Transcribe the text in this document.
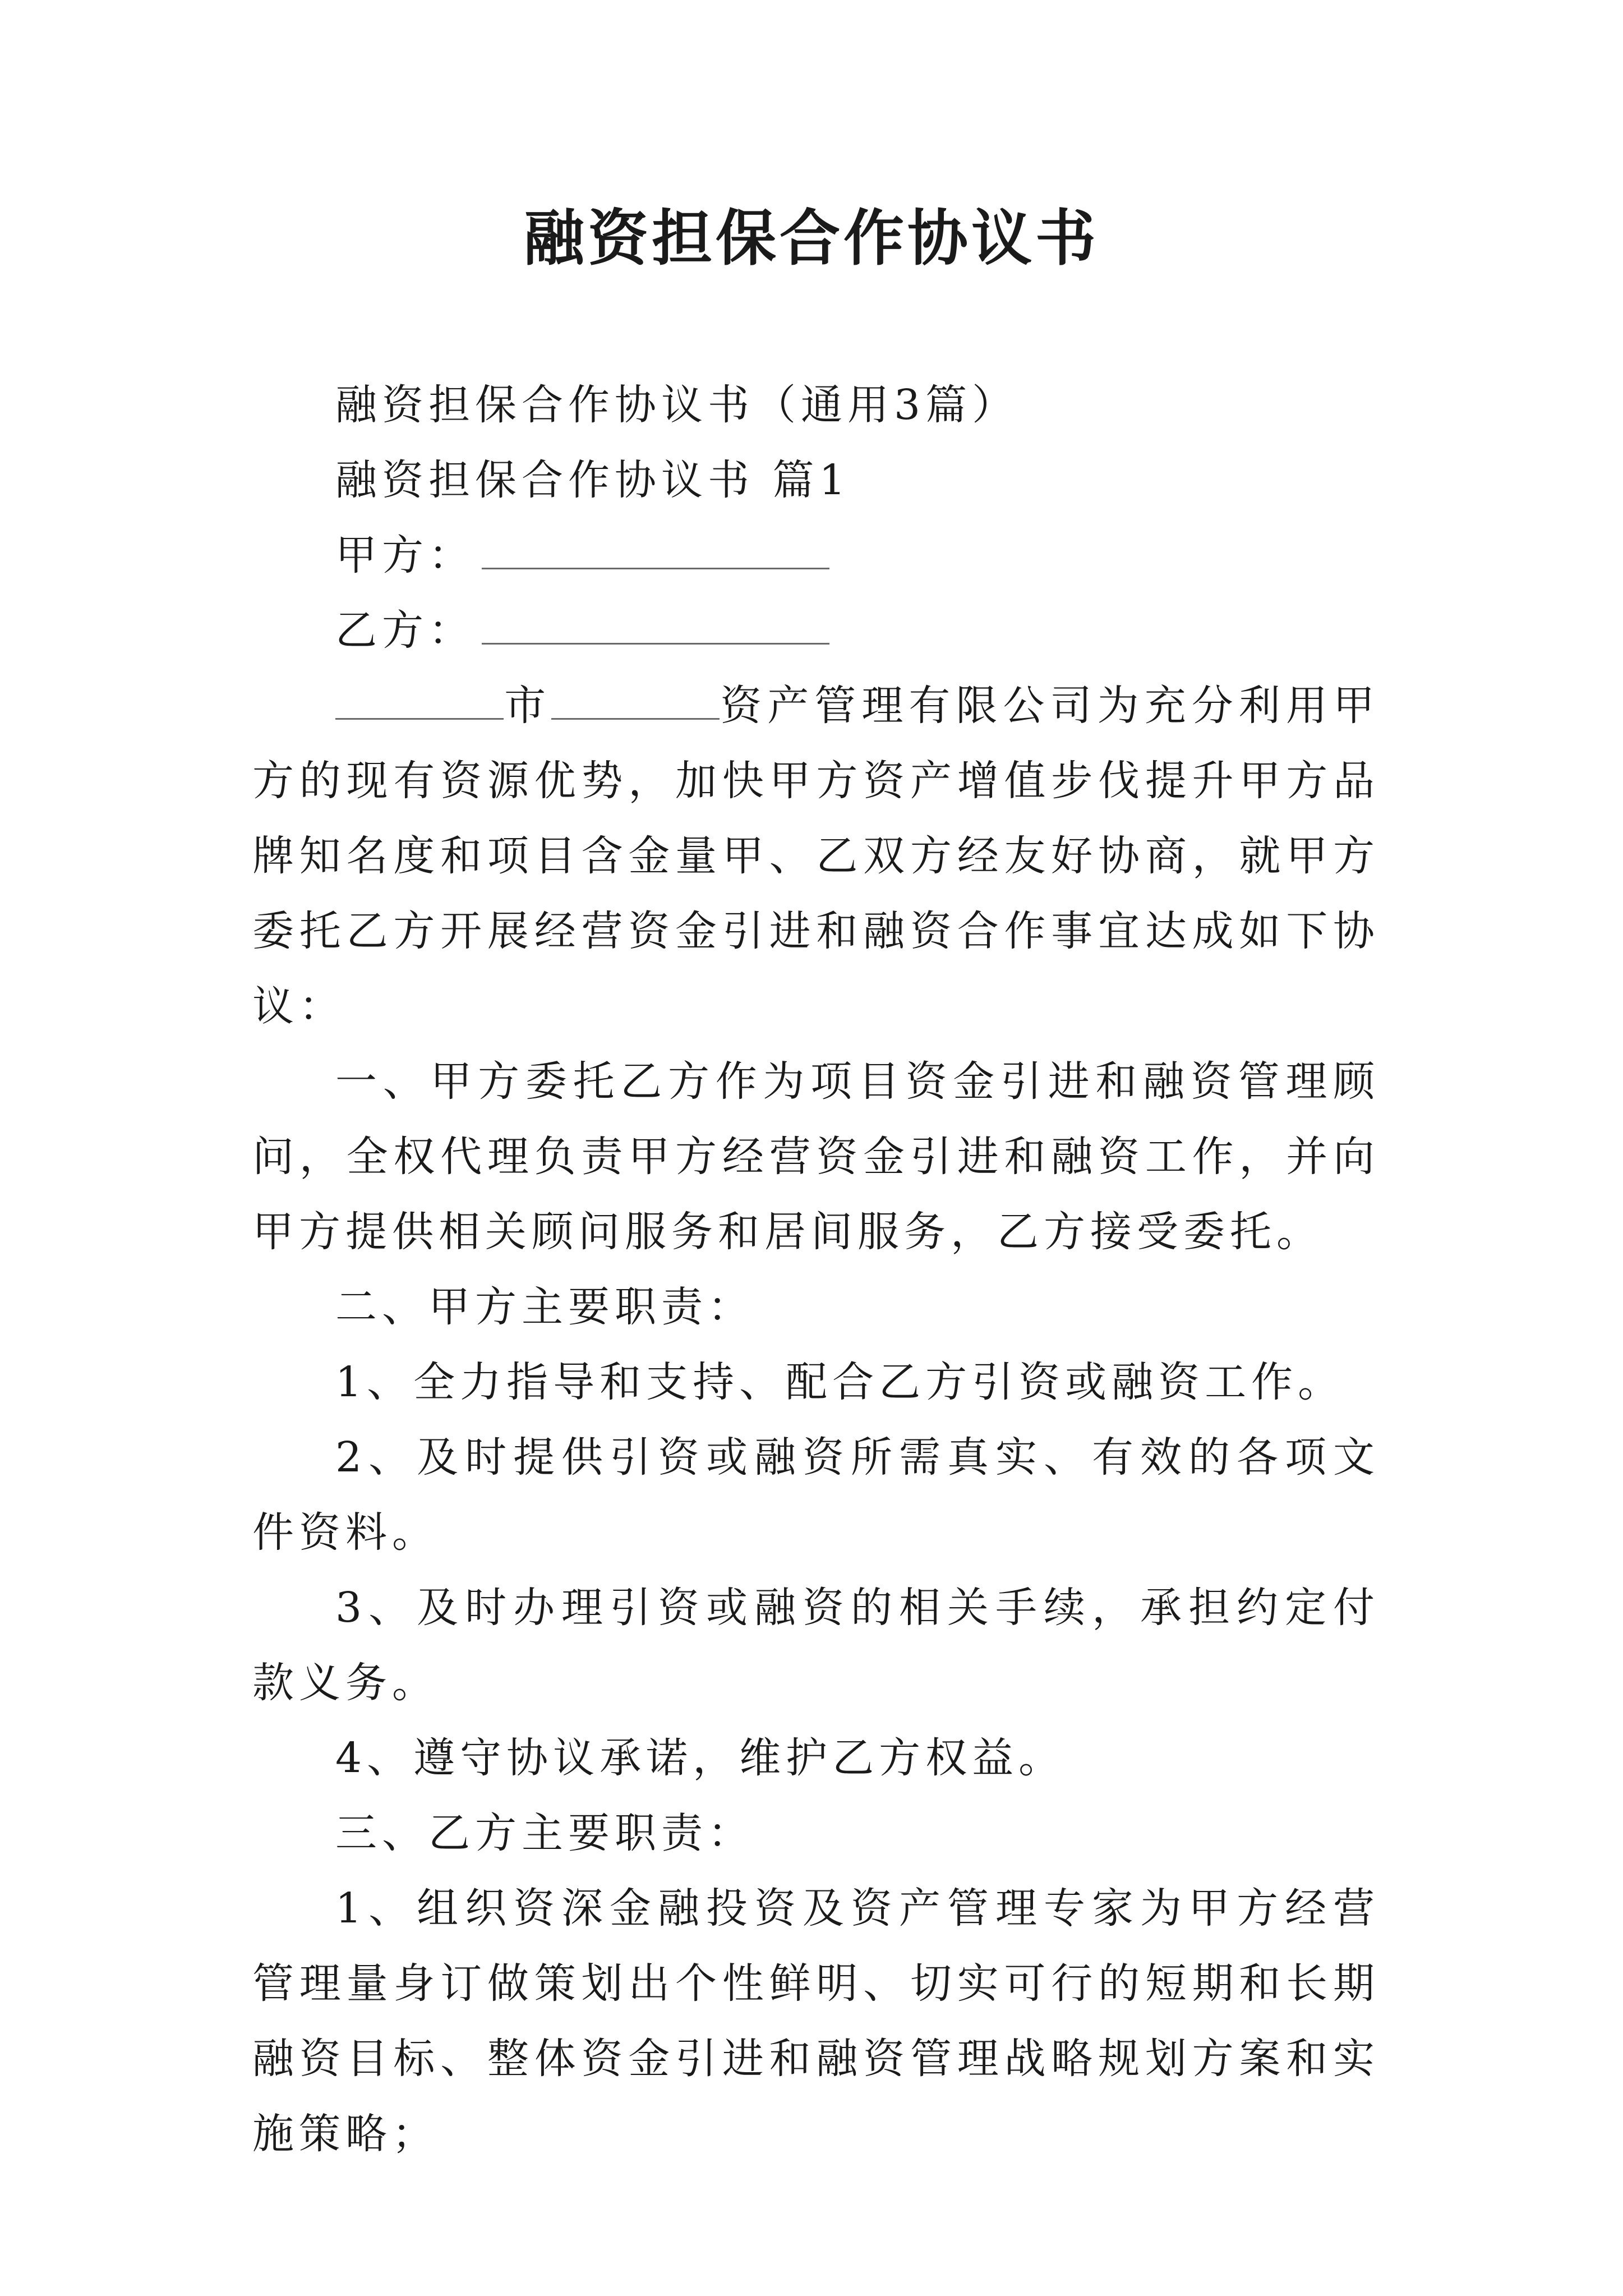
融资担保合作协议书

融资担保合作协议书（通用3篇）

融资担保合作协议书 篇1

甲方：

乙方：

市	资产管理有限公司为充分利用甲方的现有资源优势，加快甲方资产增值步伐提升甲方品牌知名度和项目含金量甲、乙双方经友好协商，就甲方委托乙方开展经营资金引进和融资合作事宜达成如下协议：

一、甲方委托乙方作为项目资金引进和融资管理顾问，全权代理负责甲方经营资金引进和融资工作，并向甲方提供相关顾问服务和居间服务，乙方接受委托。

二、甲方主要职责：

1、全力指导和支持、配合乙方引资或融资工作。

2、及时提供引资或融资所需真实、有效的各项文件资料。

3、及时办理引资或融资的相关手续，承担约定付款义务。

4、遵守协议承诺，维护乙方权益。

三、乙方主要职责：

1、组织资深金融投资及资产管理专家为甲方经营管理量身订做策划出个性鲜明、切实可行的短期和长期融资目标、整体资金引进和融资管理战略规划方案和实施策略；
